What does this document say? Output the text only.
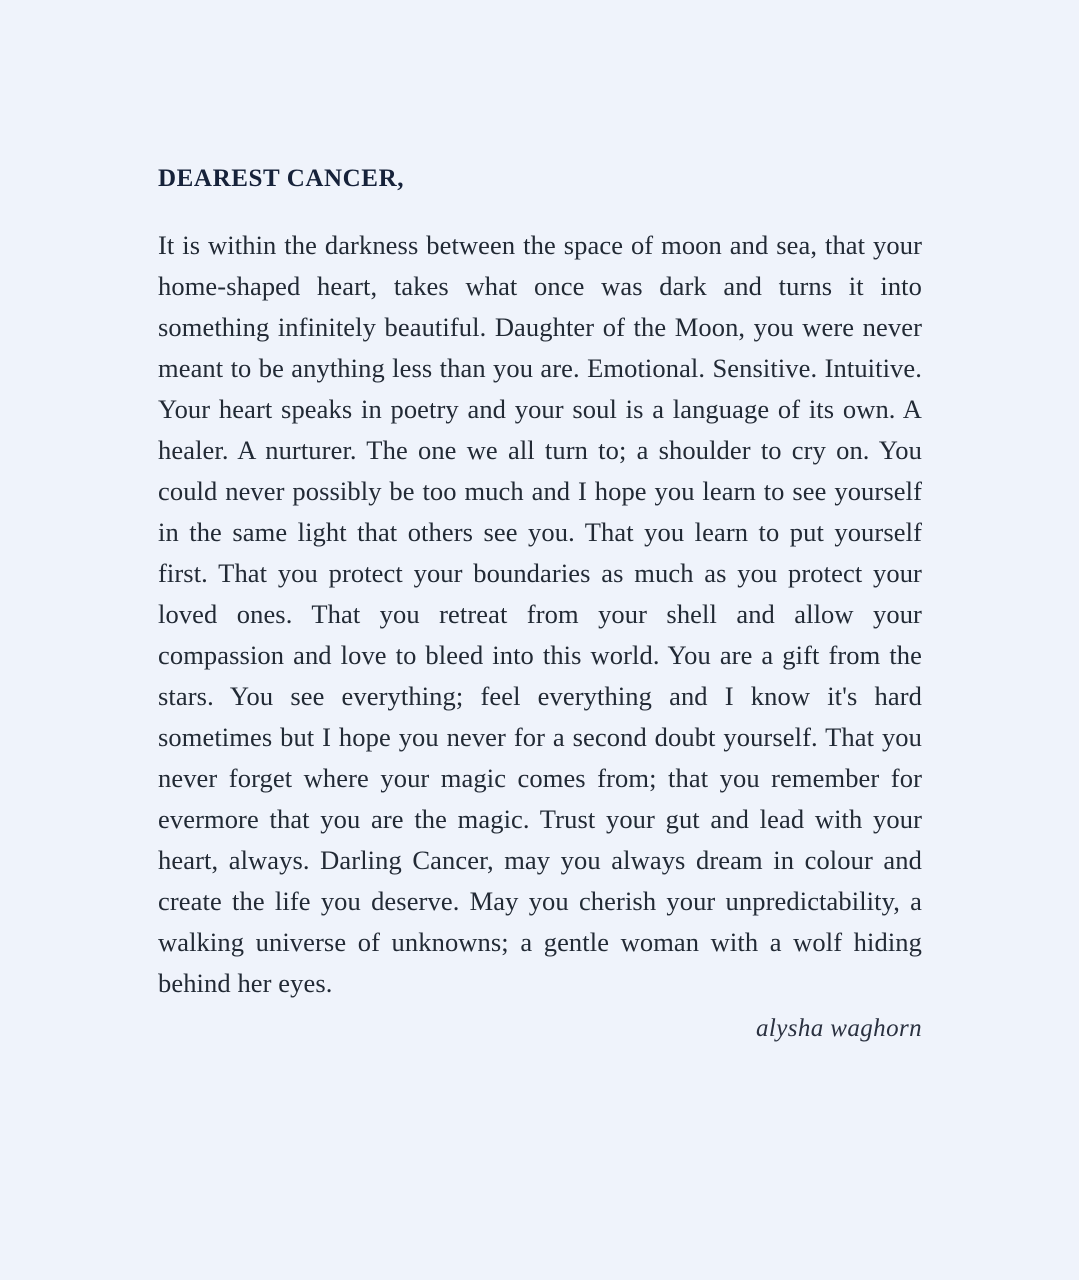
DEAREST CANCER,

It is within the darkness between the space of moon and sea, that your home-shaped heart, takes what once was dark and turns it into something infinitely beautiful. Daughter of the Moon, you were never meant to be anything less than you are. Emotional. Sensitive. Intuitive. Your heart speaks in poetry and your soul is a language of its own. A healer. A nurturer. The one we all turn to; a shoulder to cry on. You could never possibly be too much and I hope you learn to see yourself in the same light that others see you. That you learn to put yourself first. That you protect your boundaries as much as you protect your loved ones. That you retreat from your shell and allow your compassion and love to bleed into this world. You are a gift from the stars. You see everything; feel everything and I know it's hard sometimes but I hope you never for a second doubt yourself. That you never forget where your magic comes from; that you remember for evermore that you are the magic. Trust your gut and lead with your heart, always. Darling Cancer, may you always dream in colour and create the life you deserve. May you cherish your unpredictability, a walking universe of unknowns; a gentle woman with a wolf hiding behind her eyes.

alysha waghorn
